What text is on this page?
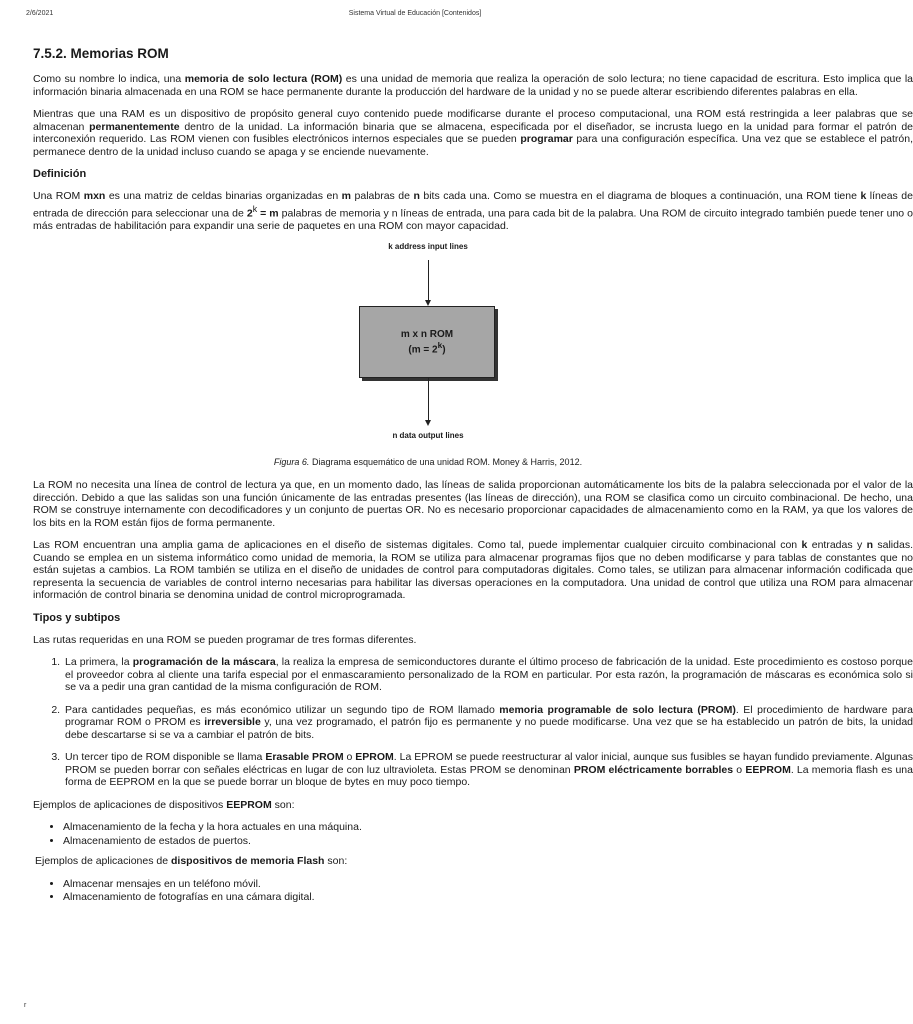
2/6/2021	Sistema Virtual de Educación [Contenidos]
7.5.2. Memorias ROM

Como su nombre lo indica, una memoria de solo lectura (ROM) es una unidad de memoria que realiza la operación de solo lectura; no tiene capacidad de escritura. Esto implica que la información binaria almacenada en una ROM se hace permanente durante la producción del hardware de la unidad y no se puede alterar escribiendo diferentes palabras en ella.

Mientras que una RAM es un dispositivo de propósito general cuyo contenido puede modificarse durante el proceso computacional, una ROM está restringida a leer palabras que se almacenan permanentemente dentro de la unidad. La información binaria que se almacena, especificada por el diseñador, se incrusta luego en la unidad para formar el patrón de interconexión requerido. Las ROM vienen con fusibles electrónicos internos especiales que se pueden programar para una configuración específica. Una vez que se establece el patrón, permanece dentro de la unidad incluso cuando se apaga y se enciende nuevamente.

Definición

Una ROM mxn es una matriz de celdas binarias organizadas en m palabras de n bits cada una. Como se muestra en el diagrama de bloques a continuación, una ROM tiene k líneas de entrada de dirección para seleccionar una de $2^k = m$ palabras de memoria y n líneas de entrada, una para cada bit de la palabra. Una ROM de circuito integrado también puede tener uno o más entradas de habilitación para expandir una serie de paquetes en una ROM con mayor capacidad.

k address input lines
m x n ROM
$(m = 2^k)$
n data output lines
Figura 6. Diagrama esquemático de una unidad ROM. Money & Harris, 2012.

La ROM no necesita una línea de control de lectura ya que, en un momento dado, las líneas de salida proporcionan automáticamente los bits de la palabra seleccionada por el valor de la dirección. Debido a que las salidas son una función únicamente de las entradas presentes (las líneas de dirección), una ROM se clasifica como un circuito combinacional. De hecho, una ROM se construye internamente con decodificadores y un conjunto de puertas OR. No es necesario proporcionar capacidades de almacenamiento como en la RAM, ya que los valores de los bits en la ROM están fijos de forma permanente.

Las ROM encuentran una amplia gama de aplicaciones en el diseño de sistemas digitales. Como tal, puede implementar cualquier circuito combinacional con k entradas y n salidas. Cuando se emplea en un sistema informático como unidad de memoria, la ROM se utiliza para almacenar programas fijos que no deben modificarse y para tablas de constantes que no están sujetas a cambios. La ROM también se utiliza en el diseño de unidades de control para computadoras digitales. Como tales, se utilizan para almacenar información codificada que representa la secuencia de variables de control interno necesarias para habilitar las diversas operaciones en la computadora. Una unidad de control que utiliza una ROM para almacenar información de control binaria se denomina unidad de control microprogramada.

Tipos y subtipos

Las rutas requeridas en una ROM se pueden programar de tres formas diferentes.

1. La primera, la programación de la máscara, la realiza la empresa de semiconductores durante el último proceso de fabricación de la unidad. Este procedimiento es costoso porque el proveedor cobra al cliente una tarifa especial por el enmascaramiento personalizado de la ROM en particular. Por esta razón, la programación de máscaras es económica solo si se va a pedir una gran cantidad de la misma configuración de ROM.
2. Para cantidades pequeñas, es más económico utilizar un segundo tipo de ROM llamado memoria programable de solo lectura (PROM). El procedimiento de hardware para programar ROM o PROM es irreversible y, una vez programado, el patrón fijo es permanente y no puede modificarse. Una vez que se ha establecido un patrón de bits, la unidad debe descartarse si se va a cambiar el patrón de bits.
3. Un tercer tipo de ROM disponible se llama Erasable PROM o EPROM. La EPROM se puede reestructurar al valor inicial, aunque sus fusibles se hayan fundido previamente. Algunas PROM se pueden borrar con señales eléctricas en lugar de con luz ultravioleta. Estas PROM se denominan PROM eléctricamente borrables o EEPROM. La memoria flash es una forma de EEPROM en la que se puede borrar un bloque de bytes en muy poco tiempo.

Ejemplos de aplicaciones de dispositivos EEPROM son:

• Almacenamiento de la fecha y la hora actuales en una máquina.
• Almacenamiento de estados de puertos.

Ejemplos de aplicaciones de dispositivos de memoria Flash son:

• Almacenar mensajes en un teléfono móvil.
• Almacenamiento de fotografías en una cámara digital.
r
